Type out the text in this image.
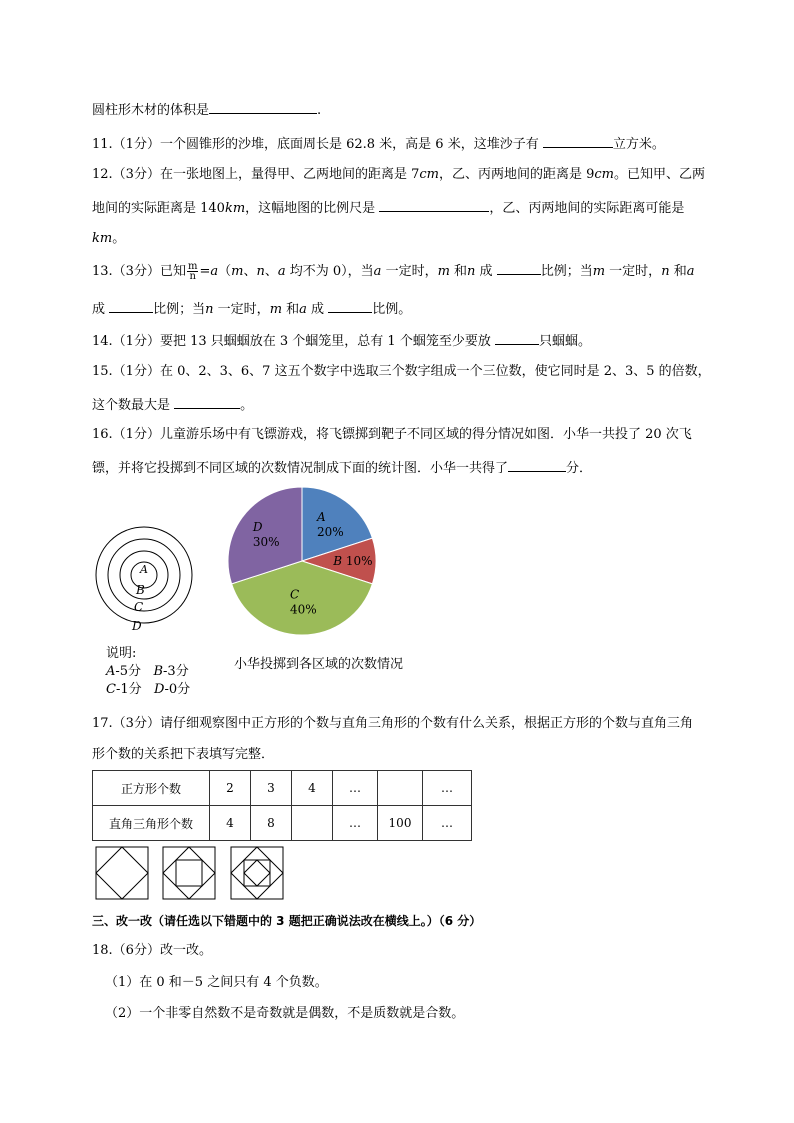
圆柱形木材的体积是	.
11.（1分）一个圆锥形的沙堆，底面周长是 62.8 米，高是 6 米，这堆沙子有	立方米。
12.（3分）在一张地图上，量得甲、乙两地间的距离是 7cm，乙、丙两地间的距离是 9cm。已知甲、乙两
地间的实际距离是 140km，这幅地图的比例尺是	，乙、丙两地间的实际距离可能是
km。
13.（3分）已知 $\frac{m}{n} =a(m$、n、a 均不为 0），当a 一定时，m 和n 成	比例；当m 一定时，n 和a
成	比例；当n 一定时，m 和a 成	比例。
14.（1分）要把 13 只蝈蝈放在 3 个蝈笼里，总有 1 个蝈笼至少要放	只蝈蝈。
15.（1分）在 0、2、3、6、7 这五个数字中选取三个数字组成一个三位数，使它同时是 2、3、5 的倍数，
这个数最大是	。
16.（1分）儿童游乐场中有飞镖游戏，将飞镖掷到靶子不同区域的得分情况如图．小华一共投了 20 次飞
镖，并将它投掷到不同区域的次数情况制成下面的统计图．小华一共得了	分．
A
B
C
D
说明:
A-5分 B-3分
C-1分 D-0分
A 20%
B 10%
C 40%
D 30%
小华投掷到各区域的次数情况
17.（3分）请仔细观察图中正方形的个数与直角三角形的个数有什么关系，根据正方形的个数与直角三角
形个数的关系把下表填写完整．
正方形个数	2	3	4	…		…
直角三角形个数	4	8		…	100	…
三、改一改（请任选以下错题中的 3 题把正确说法改在横线上。）（6 分）
18.（6分）改一改。
（1）在 0 和－5 之间只有 4 个负数。
（2）一个非零自然数不是奇数就是偶数，不是质数就是合数。
